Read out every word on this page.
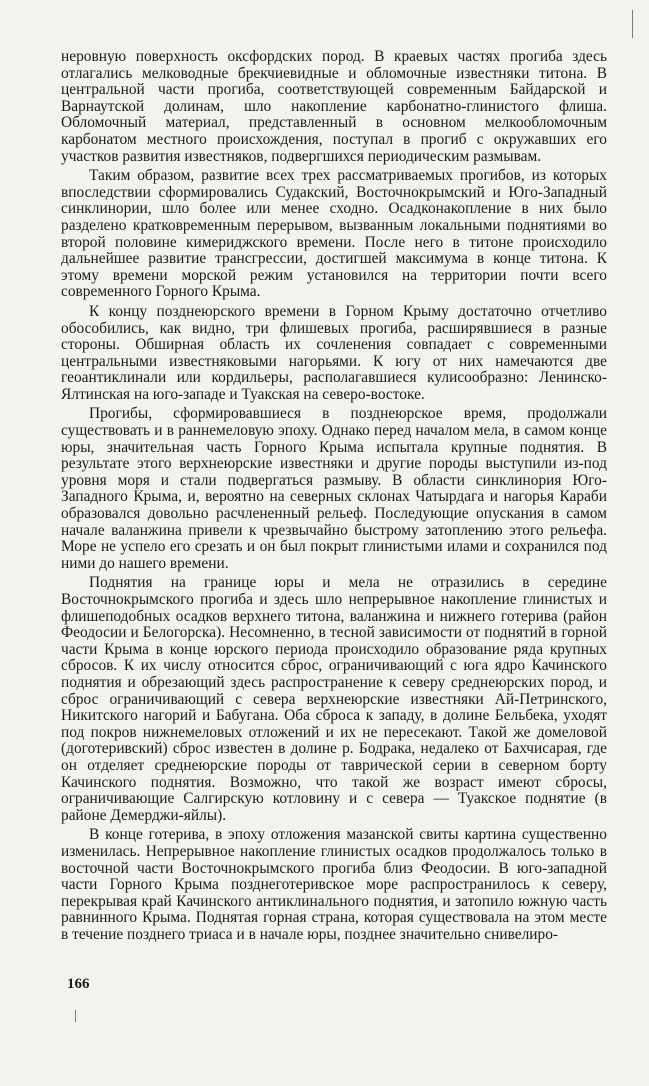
неровную поверхность оксфордских пород. В краевых частях прогиба здесь отлагались мелководные брекчиевидные и обломочные известняки титона. В центральной части прогиба, соответствующей современным Байдарской и Варнаутской долинам, шло накопление карбонатно-глинистого флиша. Обломочный материал, представленный в основном мелкообломочным карбонатом местного происхождения, поступал в прогиб с окружавших его участков развития известняков, подвергшихся периодическим размывам.

Таким образом, развитие всех трех рассматриваемых прогибов, из которых впоследствии сформировались Судакский, Восточнокрымский и Юго-Западный синклинории, шло более или менее сходно. Осадконакопление в них было разделено кратковременным перерывом, вызванным локальными поднятиями во второй половине кимериджского времени. После него в титоне происходило дальнейшее развитие трансгрессии, достигшей максимума в конце титона. К этому времени морской режим установился на территории почти всего современного Горного Крыма.

К концу позднеюрского времени в Горном Крыму достаточно отчетливо обособились, как видно, три флишевых прогиба, расширявшиеся в разные стороны. Обширная область их сочленения совпадает с современными центральными известняковыми нагорьями. К югу от них намечаются две геоантиклинали или кордильеры, располагавшиеся кулисообразно: Ленинско-Ялтинская на юго-западе и Туакская на северо-востоке.

Прогибы, сформировавшиеся в позднеюрское время, продолжали существовать и в раннемеловую эпоху. Однако перед началом мела, в самом конце юры, значительная часть Горного Крыма испытала крупные поднятия. В результате этого верхнеюрские известняки и другие породы выступили из-под уровня моря и стали подвергаться размыву. В области синклинория Юго-Западного Крыма, и, вероятно на северных склонах Чатырдага и нагорья Караби образовался довольно расчлененный рельеф. Последующие опускания в самом начале валанжина привели к чрезвычайно быстрому затоплению этого рельефа. Море не успело его срезать и он был покрыт глинистыми илами и сохранился под ними до нашего времени.

Поднятия на границе юры и мела не отразились в середине Восточнокрымского прогиба и здесь шло непрерывное накопление глинистых и флишеподобных осадков верхнего титона, валанжина и нижнего готерива (район Феодосии и Белогорска). Несомненно, в тесной зависимости от поднятий в горной части Крыма в конце юрского периода происходило образование ряда крупных сбросов. К их числу относится сброс, ограничивающий с юга ядро Качинского поднятия и обрезающий здесь распространение к северу среднеюрских пород, и сброс ограничивающий с севера верхнеюрские известняки Ай-Петринского, Никитского нагорий и Бабугана. Оба сброса к западу, в долине Бельбека, уходят под покров нижнемеловых отложений и их не пересекают. Такой же домеловой (доготеривский) сброс известен в долине р. Бодрака, недалеко от Бахчисарая, где он отделяет среднеюрские породы от таврической серии в северном борту Качинского поднятия. Возможно, что такой же возраст имеют сбросы, ограничивающие Салгирскую котловину и с севера — Туакское поднятие (в районе Демерджи-яйлы).

В конце готерива, в эпоху отложения мазанской свиты картина существенно изменилась. Непрерывное накопление глинистых осадков продолжалось только в восточной части Восточнокрымского прогиба близ Феодосии. В юго-западной части Горного Крыма позднеготеривское море распространилось к северу, перекрывая край Качинского антиклинального поднятия, и затопило южную часть равнинного Крыма. Поднятая горная страна, которая существовала на этом месте в течение позднего триаса и в начале юры, позднее значительно снивелиро-

166
